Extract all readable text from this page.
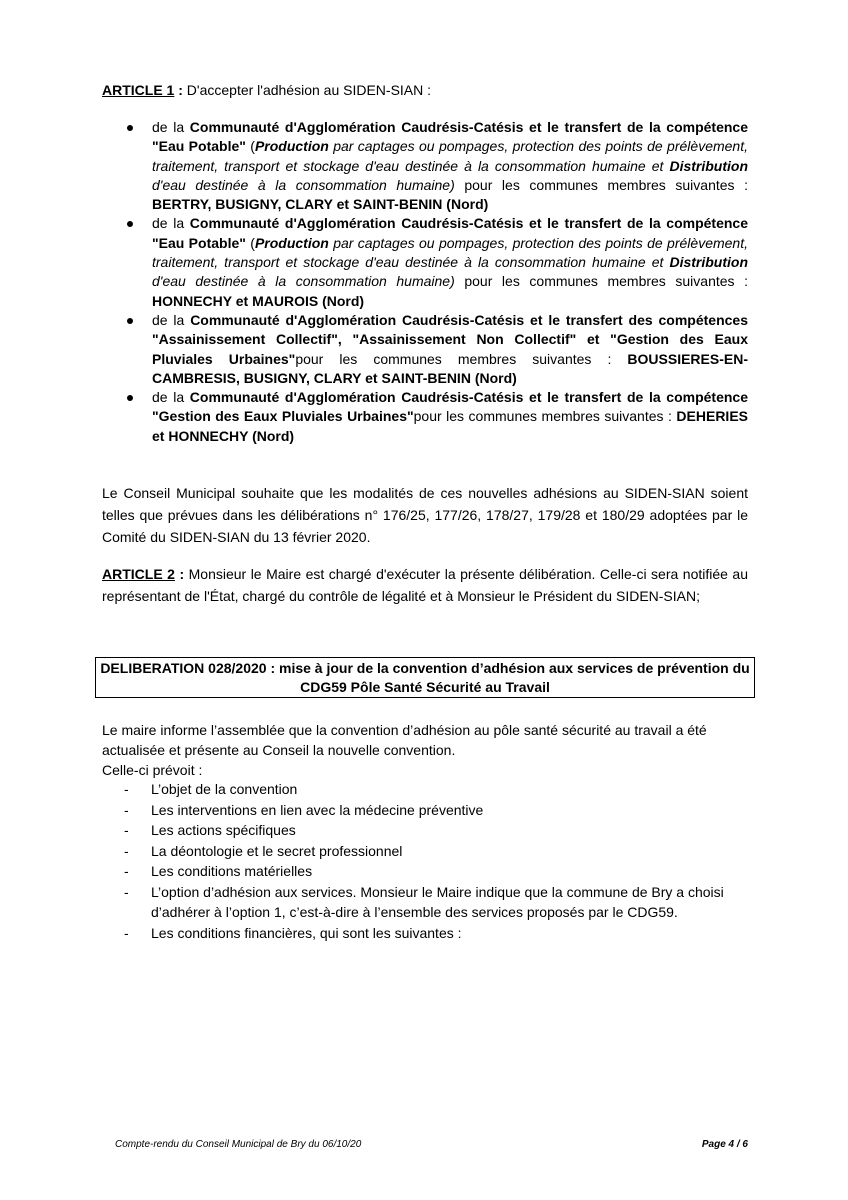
ARTICLE 1 : D'accepter l'adhésion au SIDEN-SIAN :
de la Communauté d'Agglomération Caudrésis-Catésis et le transfert de la compétence "Eau Potable" (Production par captages ou pompages, protection des points de prélèvement, traitement, transport et stockage d'eau destinée à la consommation humaine et Distribution d'eau destinée à la consommation humaine) pour les communes membres suivantes : BERTRY, BUSIGNY, CLARY et SAINT-BENIN (Nord)
de la Communauté d'Agglomération Caudrésis-Catésis et le transfert de la compétence "Eau Potable" (Production par captages ou pompages, protection des points de prélèvement, traitement, transport et stockage d'eau destinée à la consommation humaine et Distribution d'eau destinée à la consommation humaine) pour les communes membres suivantes : HONNECHY et MAUROIS (Nord)
de la Communauté d'Agglomération Caudrésis-Catésis et le transfert des compétences "Assainissement Collectif", "Assainissement Non Collectif" et "Gestion des Eaux Pluviales Urbaines"pour les communes membres suivantes : BOUSSIERES-EN-CAMBRESIS, BUSIGNY, CLARY et SAINT-BENIN (Nord)
de la Communauté d'Agglomération Caudrésis-Catésis et le transfert de la compétence "Gestion des Eaux Pluviales Urbaines"pour les communes membres suivantes : DEHERIES et HONNECHY (Nord)
Le Conseil Municipal souhaite que les modalités de ces nouvelles adhésions au SIDEN-SIAN soient telles que prévues dans les délibérations n° 176/25, 177/26, 178/27, 179/28 et 180/29 adoptées par le Comité du SIDEN-SIAN du 13 février 2020.
ARTICLE 2 : Monsieur le Maire est chargé d'exécuter la présente délibération. Celle-ci sera notifiée au représentant de l'État, chargé du contrôle de légalité et à Monsieur le Président du SIDEN-SIAN;
DELIBERATION 028/2020 : mise à jour de la convention d’adhésion aux services de prévention du
CDG59 Pôle Santé Sécurité au Travail
Le maire informe l’assemblée que la convention d’adhésion au pôle santé sécurité au travail a été
actualisée et présente au Conseil la nouvelle convention.
Celle-ci prévoit :
- L’objet de la convention
- Les interventions en lien avec la médecine préventive
- Les actions spécifiques
- La déontologie et le secret professionnel
- Les conditions matérielles
- L’option d’adhésion aux services. Monsieur le Maire indique que la commune de Bry a choisi d’adhérer à l’option 1, c’est-à-dire à l’ensemble des services proposés par le CDG59.
- Les conditions financières, qui sont les suivantes :
Compte-rendu du Conseil Municipal de Bry du 06/10/20	Page 4 / 6
